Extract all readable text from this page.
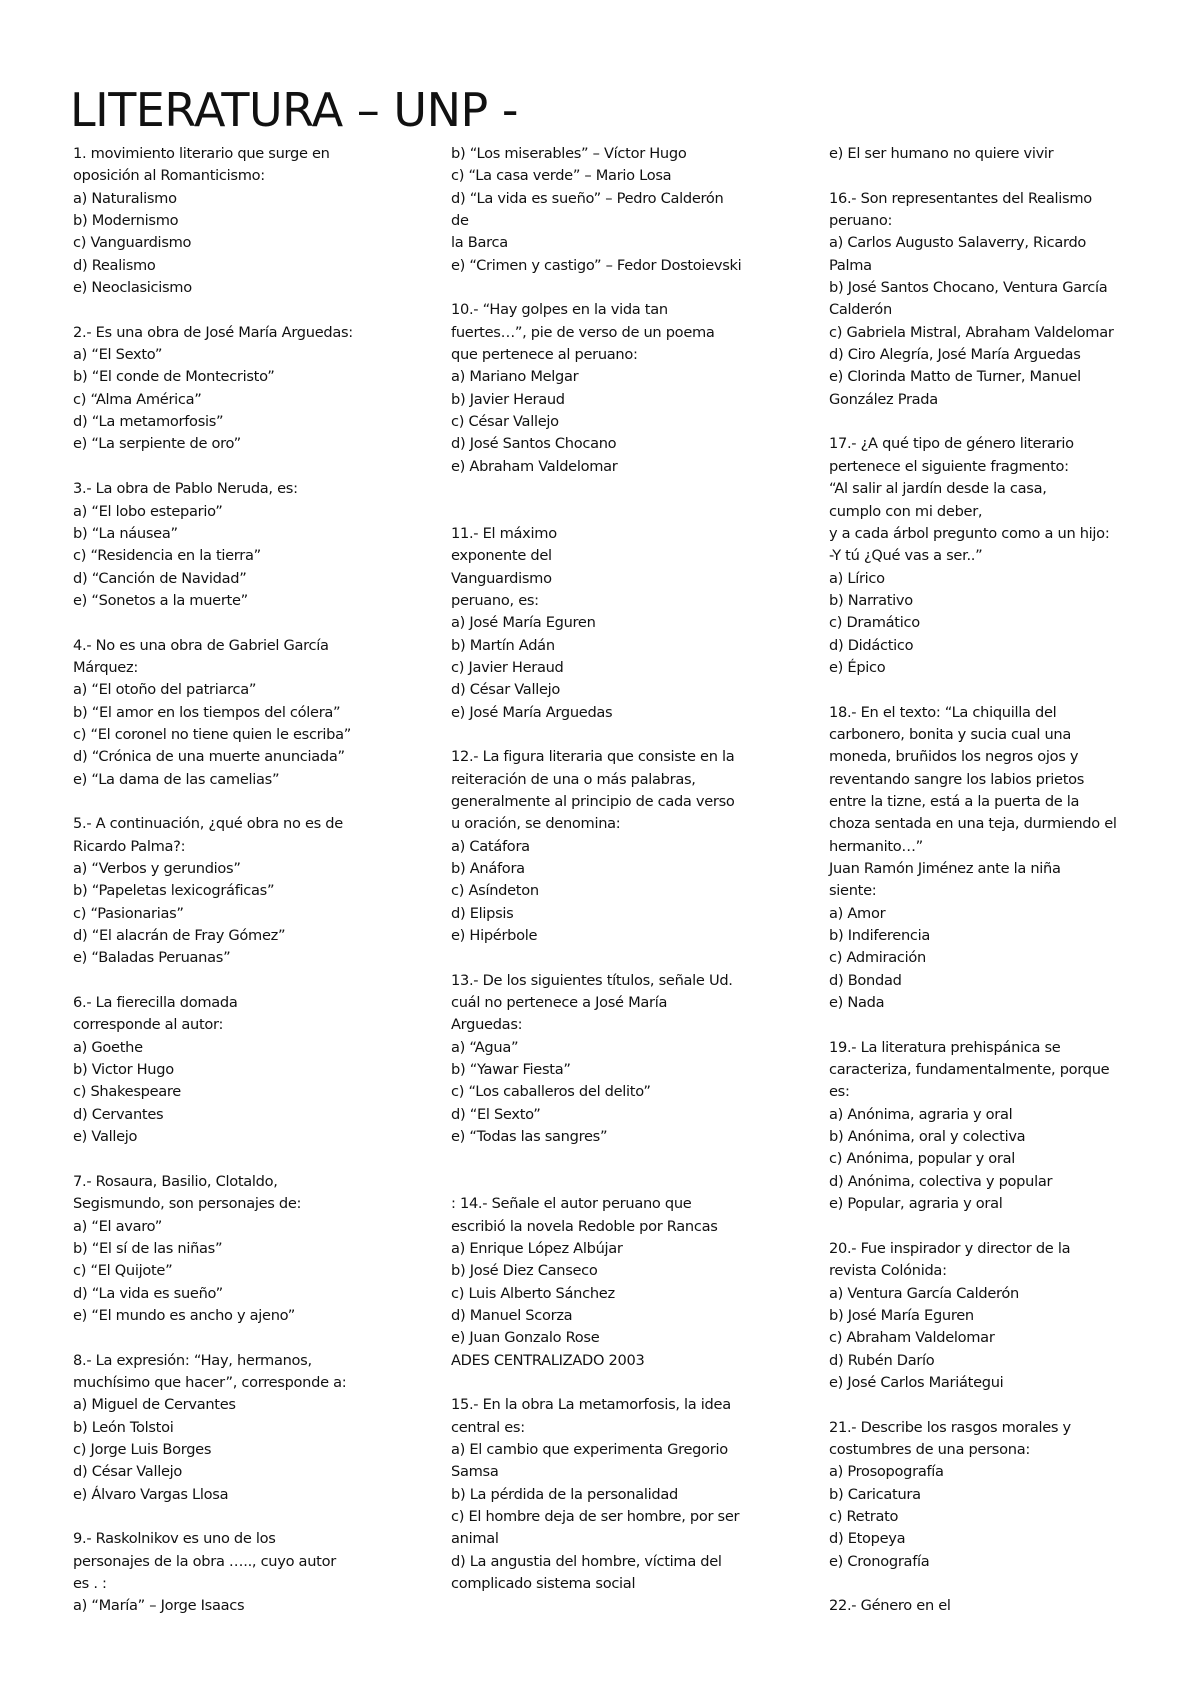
LITERATURA – UNP -
1. movimiento literario que surge en
oposición al Romanticismo:
a) Naturalismo
b) Modernismo
c) Vanguardismo
d) Realismo
e) Neoclasicismo
2.- Es una obra de José María Arguedas:
a) “El Sexto”
b) “El conde de Montecristo”
c) “Alma América”
d) “La metamorfosis”
e) “La serpiente de oro”
3.- La obra de Pablo Neruda, es:
a) “El lobo estepario”
b) “La náusea”
c) “Residencia en la tierra”
d) “Canción de Navidad”
e) “Sonetos a la muerte”
4.- No es una obra de Gabriel García
Márquez:
a) “El otoño del patriarca”
b) “El amor en los tiempos del cólera”
c) “El coronel no tiene quien le escriba”
d) “Crónica de una muerte anunciada”
e) “La dama de las camelias”
5.- A continuación, ¿qué obra no es de
Ricardo Palma?:
a) “Verbos y gerundios”
b) “Papeletas lexicográficas”
c) “Pasionarias”
d) “El alacrán de Fray Gómez”
e) “Baladas Peruanas”
6.- La fierecilla domada
corresponde al autor:
a) Goethe
b) Victor Hugo
c) Shakespeare
d) Cervantes
e) Vallejo
7.- Rosaura, Basilio, Clotaldo,
Segismundo, son personajes de:
a) “El avaro”
b) “El sí de las niñas”
c) “El Quijote”
d) “La vida es sueño”
e) “El mundo es ancho y ajeno”
8.- La expresión: “Hay, hermanos,
muchísimo que hacer”, corresponde a:
a) Miguel de Cervantes
b) León Tolstoi
c) Jorge Luis Borges
d) César Vallejo
e) Álvaro Vargas Llosa
9.- Raskolnikov es uno de los
personajes de la obra ….., cuyo autor
es . :
a) “María” – Jorge Isaacs
b) “Los miserables” – Víctor Hugo
c) “La casa verde” – Mario Losa
d) “La vida es sueño” – Pedro Calderón
de
la Barca
e) “Crimen y castigo” – Fedor Dostoievski
10.- “Hay golpes en la vida tan
fuertes…”, pie de verso de un poema
que pertenece al peruano:
a) Mariano Melgar
b) Javier Heraud
c) César Vallejo
d) José Santos Chocano
e) Abraham Valdelomar
11.- El máximo
exponente del
Vanguardismo
peruano, es:
a) José María Eguren
b) Martín Adán
c) Javier Heraud
d) César Vallejo
e) José María Arguedas
12.- La figura literaria que consiste en la
reiteración de una o más palabras,
generalmente al principio de cada verso
u oración, se denomina:
a) Catáfora
b) Anáfora
c) Asíndeton
d) Elipsis
e) Hipérbole
13.- De los siguientes títulos, señale Ud.
cuál no pertenece a José María
Arguedas:
a) “Agua”
b) “Yawar Fiesta”
c) “Los caballeros del delito”
d) “El Sexto”
e) “Todas las sangres”
: 14.- Señale el autor peruano que
escribió la novela Redoble por Rancas
a) Enrique López Albújar
b) José Diez Canseco
c) Luis Alberto Sánchez
d) Manuel Scorza
e) Juan Gonzalo Rose
ADES CENTRALIZADO 2003
15.- En la obra La metamorfosis, la idea
central es:
a) El cambio que experimenta Gregorio
Samsa
b) La pérdida de la personalidad
c) El hombre deja de ser hombre, por ser
animal
d) La angustia del hombre, víctima del
complicado sistema social
e) El ser humano no quiere vivir
16.- Son representantes del Realismo
peruano:
a) Carlos Augusto Salaverry, Ricardo
Palma
b) José Santos Chocano, Ventura García
Calderón
c) Gabriela Mistral, Abraham Valdelomar
d) Ciro Alegría, José María Arguedas
e) Clorinda Matto de Turner, Manuel
González Prada
17.- ¿A qué tipo de género literario
pertenece el siguiente fragmento:
“Al salir al jardín desde la casa,
cumplo con mi deber,
y a cada árbol pregunto como a un hijo:
-Y tú ¿Qué vas a ser..”
a) Lírico
b) Narrativo
c) Dramático
d) Didáctico
e) Épico
18.- En el texto: “La chiquilla del
carbonero, bonita y sucia cual una
moneda, bruñidos los negros ojos y
reventando sangre los labios prietos
entre la tizne, está a la puerta de la
choza sentada en una teja, durmiendo el
hermanito…”
Juan Ramón Jiménez ante la niña
siente:
a) Amor
b) Indiferencia
c) Admiración
d) Bondad
e) Nada
19.- La literatura prehispánica se
caracteriza, fundamentalmente, porque
es:
a) Anónima, agraria y oral
b) Anónima, oral y colectiva
c) Anónima, popular y oral
d) Anónima, colectiva y popular
e) Popular, agraria y oral
20.- Fue inspirador y director de la
revista Colónida:
a) Ventura García Calderón
b) José María Eguren
c) Abraham Valdelomar
d) Rubén Darío
e) José Carlos Mariátegui
21.- Describe los rasgos morales y
costumbres de una persona:
a) Prosopografía
b) Caricatura
c) Retrato
d) Etopeya
e) Cronografía
22.- Género en el
